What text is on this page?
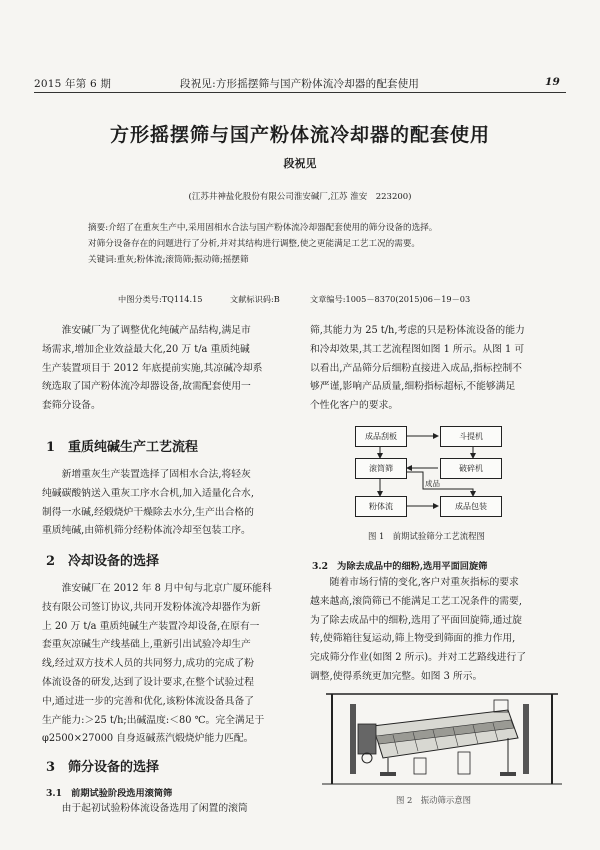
2015 年第 6 期	段祝见:方形摇摆筛与国产粉体流冷却器的配套使用	19
方形摇摆筛与国产粉体流冷却器的配套使用
段祝见
(江苏井神盐化股份有限公司淮安碱厂,江苏 淮安　223200)
摘要:介绍了在重灰生产中,采用固相水合法与国产粉体流冷却器配套使用的筛分设备的选择。
对筛分设备存在的问题进行了分析,并对其结构进行调整,使之更能满足工艺工况的需要。
关键词:重灰;粉体流;滚筒筛;振动筛;摇摆筛
中图分类号:TQ114.15	文献标识码:B	文章编号:1005－8370(2015)06－19－03
　　淮安碱厂为了调整优化纯碱产品结构,满足市
场需求,增加企业效益最大化,20 万 t/a 重质纯碱
生产装置项目于 2012 年底提前实施,其凉碱冷却系
统选取了国产粉体流冷却器设备,故需配套使用一
套筛分设备。
1　重质纯碱生产工艺流程
　　新增重灰生产装置选择了固相水合法,将轻灰
纯碱碳酸钠送入重灰工序水合机,加入适量化合水,
制得一水碱,经煅烧炉干燥除去水分,生产出合格的
重质纯碱,由筛机筛分经粉体流冷却至包装工序。
2　冷却设备的选择
　　淮安碱厂在 2012 年 8 月中旬与北京广厦环能科
技有限公司签订协议,共同开发粉体流冷却器作为新
上 20 万 t/a 重质纯碱生产装置冷却设备,在原有一
套重灰凉碱生产线基础上,重新引出试验冷却生产
线,经过双方技术人员的共同努力,成功的完成了粉
体流设备的研发,达到了设计要求,在整个试验过程
中,通过进一步的完善和优化,该粉体流设备具备了
生产能力:＞25 t/h;出碱温度:＜80 ℃。完全满足于
φ2500×27000 自身返碱蒸汽煅烧炉能力匹配。
3　筛分设备的选择
3.1　前期试验阶段选用滚筒筛
　　由于起初试验粉体流设备选用了闲置的滚筒
筛,其能力为 25 t/h,考虑的只是粉体流设备的能力
和冷却效果,其工艺流程图如图 1 所示。从图 1 可
以看出,产品筛分后细粉直接进入成品,指标控制不
够严谨,影响产品质量,细粉指标超标,不能够满足
个性化客户的要求。
成品刮板	斗提机
滚筒筛	破碎机
成品
粉体流	成品包装
图 1　前期试验筛分工艺流程图
3.2　为除去成品中的细粉,选用平面回旋筛
　　随着市场行情的变化,客户对重灰指标的要求
越来越高,滚筒筛已不能满足工艺工况条件的需要,
为了除去成品中的细粉,选用了平面回旋筛,通过旋
转,使筛箱往复运动,筛上物受到筛面的推力作用,
完成筛分作业(如图 2 所示)。并对工艺路线进行了
调整,使得系统更加完整。如图 3 所示。
图 2　振动筛示意图
